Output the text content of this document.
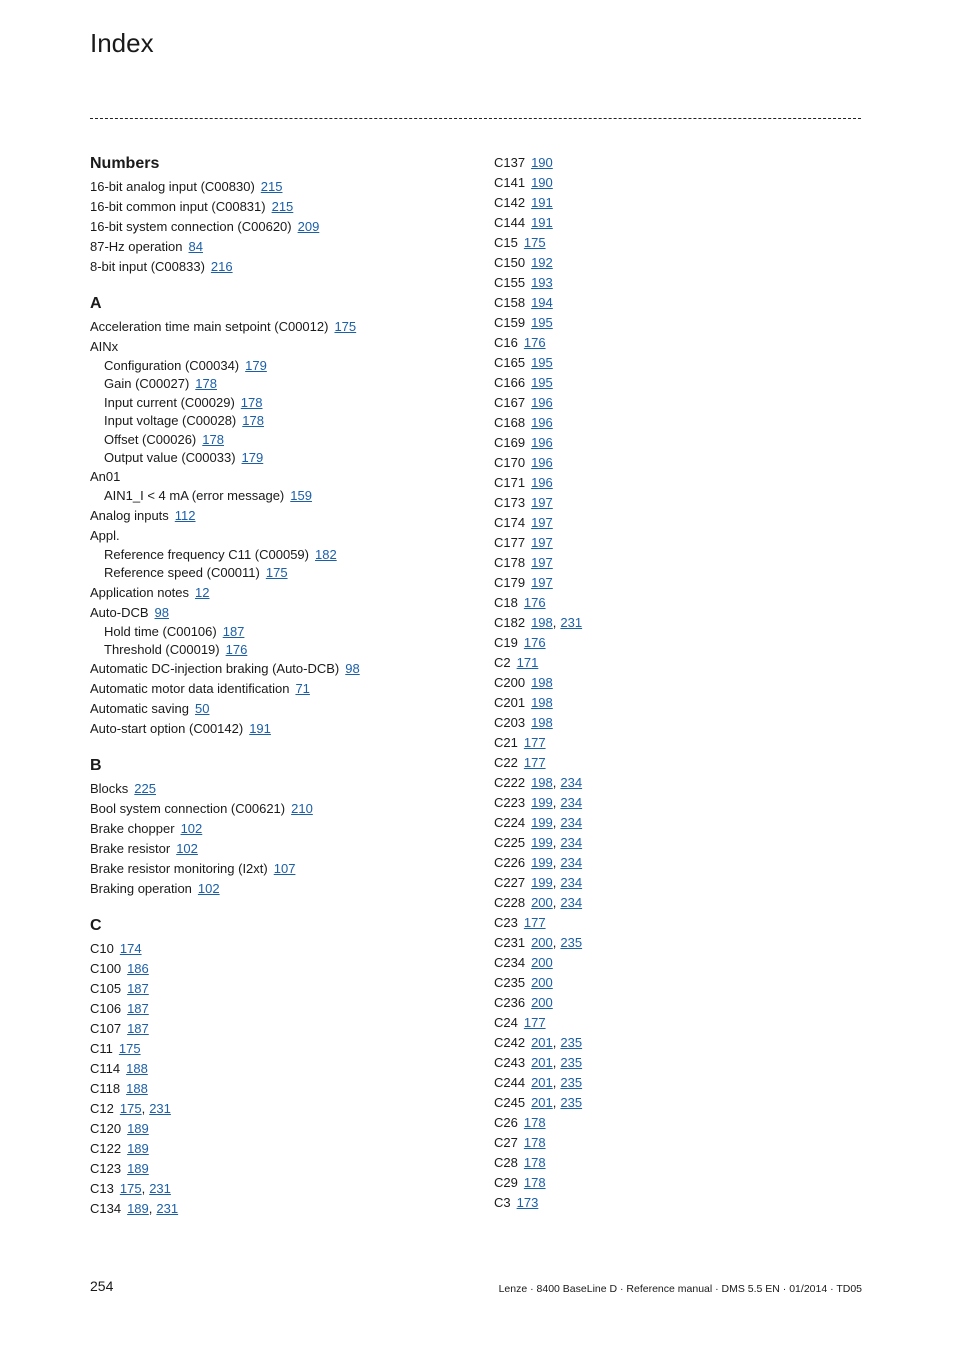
Index
Numbers
16-bit analog input (C00830) 215
16-bit common input (C00831) 215
16-bit system connection (C00620) 209
87-Hz operation 84
8-bit input (C00833) 216
A
Acceleration time main setpoint (C00012) 175
AINx
Configuration (C00034) 179
Gain (C00027) 178
Input current (C00029) 178
Input voltage (C00028) 178
Offset (C00026) 178
Output value (C00033) 179
An01
AIN1_I < 4 mA (error message) 159
Analog inputs 112
Appl.
Reference frequency C11 (C00059) 182
Reference speed (C00011) 175
Application notes 12
Auto-DCB 98
Hold time (C00106) 187
Threshold (C00019) 176
Automatic DC-injection braking (Auto-DCB) 98
Automatic motor data identification 71
Automatic saving 50
Auto-start option (C00142) 191
B
Blocks 225
Bool system connection (C00621) 210
Brake chopper 102
Brake resistor 102
Brake resistor monitoring (I2xt) 107
Braking operation 102
C
C10 174
C100 186
C105 187
C106 187
C107 187
C11 175
C114 188
C118 188
C12 175, 231
C120 189
C122 189
C123 189
C13 175, 231
C134 189, 231
C137 190
C141 190
C142 191
C144 191
C15 175
C150 192
C155 193
C158 194
C159 195
C16 176
C165 195
C166 195
C167 196
C168 196
C169 196
C170 196
C171 196
C173 197
C174 197
C177 197
C178 197
C179 197
C18 176
C182 198, 231
C19 176
C2 171
C200 198
C201 198
C203 198
C21 177
C22 177
C222 198, 234
C223 199, 234
C224 199, 234
C225 199, 234
C226 199, 234
C227 199, 234
C228 200, 234
C23 177
C231 200, 235
C234 200
C235 200
C236 200
C24 177
C242 201, 235
C243 201, 235
C244 201, 235
C245 201, 235
C26 178
C27 178
C28 178
C29 178
C3 173
254	Lenze · 8400 BaseLine D · Reference manual · DMS 5.5 EN · 01/2014 · TD05
